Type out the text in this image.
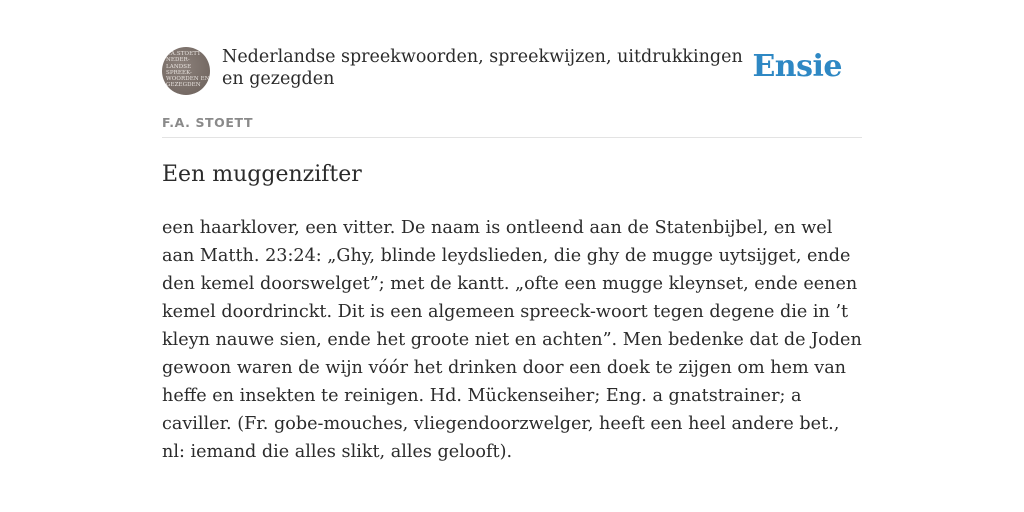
F.A.STOETT
NEDER-
LANDSE
SPREEK-
WOORDEN EN
GEZEGDEN
Nederlandse spreekwoorden, spreekwijzen, uitdrukkingen en gezegden	Ensie
F.A. STOETT
Een muggenzifter

een haarklover, een vitter. De naam is ontleend aan de Statenbijbel, en wel aan Matth. 23:24: „Ghy, blinde leydslieden, die ghy de mugge uytsijget, ende den kemel doorswelget”; met de kantt. „ofte een mugge kleynset, ende eenen kemel doordrinckt. Dit is een algemeen spreeck-woort tegen degene die in ’t kleyn nauwe sien, ende het groote niet en achten”. Men bedenke dat de Joden gewoon waren de wijn vóór het drinken door een doek te zijgen om hem van heffe en insekten te reinigen. Hd. Mückenseiher; Eng. a gnatstrainer; a caviller. (Fr. gobe-mouches, vliegendoorzwelger, heeft een heel andere bet., nl: iemand die alles slikt, alles gelooft).
